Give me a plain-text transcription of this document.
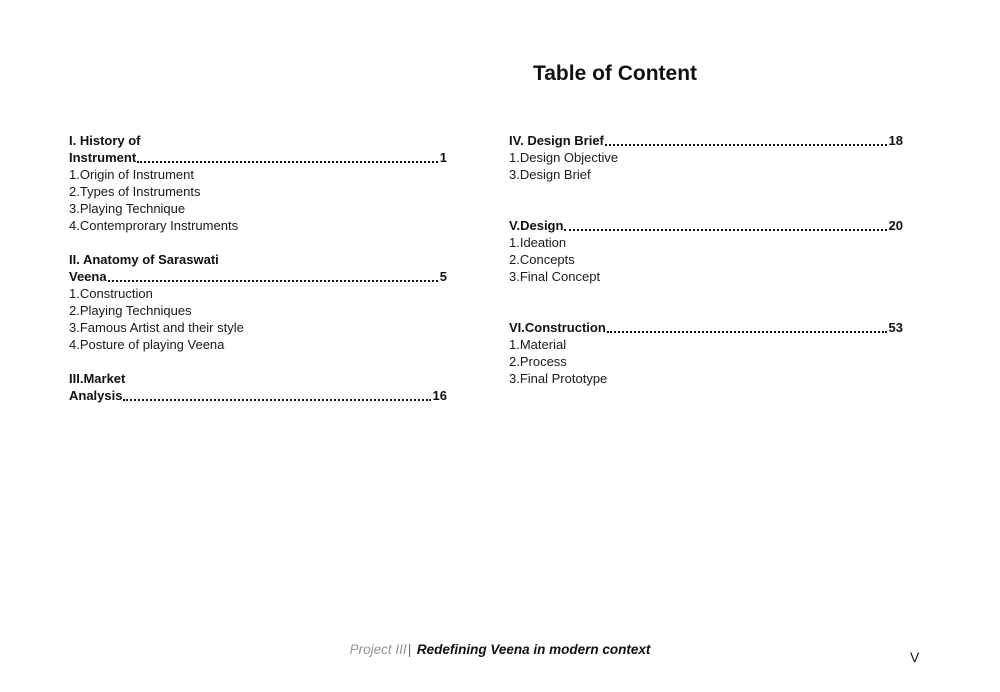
Table of Content
I. History of
Instrument	1
1.Origin of Instrument
2.Types of Instruments
3.Playing Technique
4.Contemprorary Instruments
II. Anatomy of Saraswati
Veena	5
1.Construction
2.Playing Techniques
3.Famous Artist and their style
4.Posture of playing Veena
III.Market
Analysis	16
IV. Design Brief	18
1.Design Objective
3.Design Brief
V.Design	20
1.Ideation
2.Concepts
3.Final Concept
VI.Construction	53
1.Material
2.Process
3.Final Prototype
Project III| Redefining Veena in modern context	V
